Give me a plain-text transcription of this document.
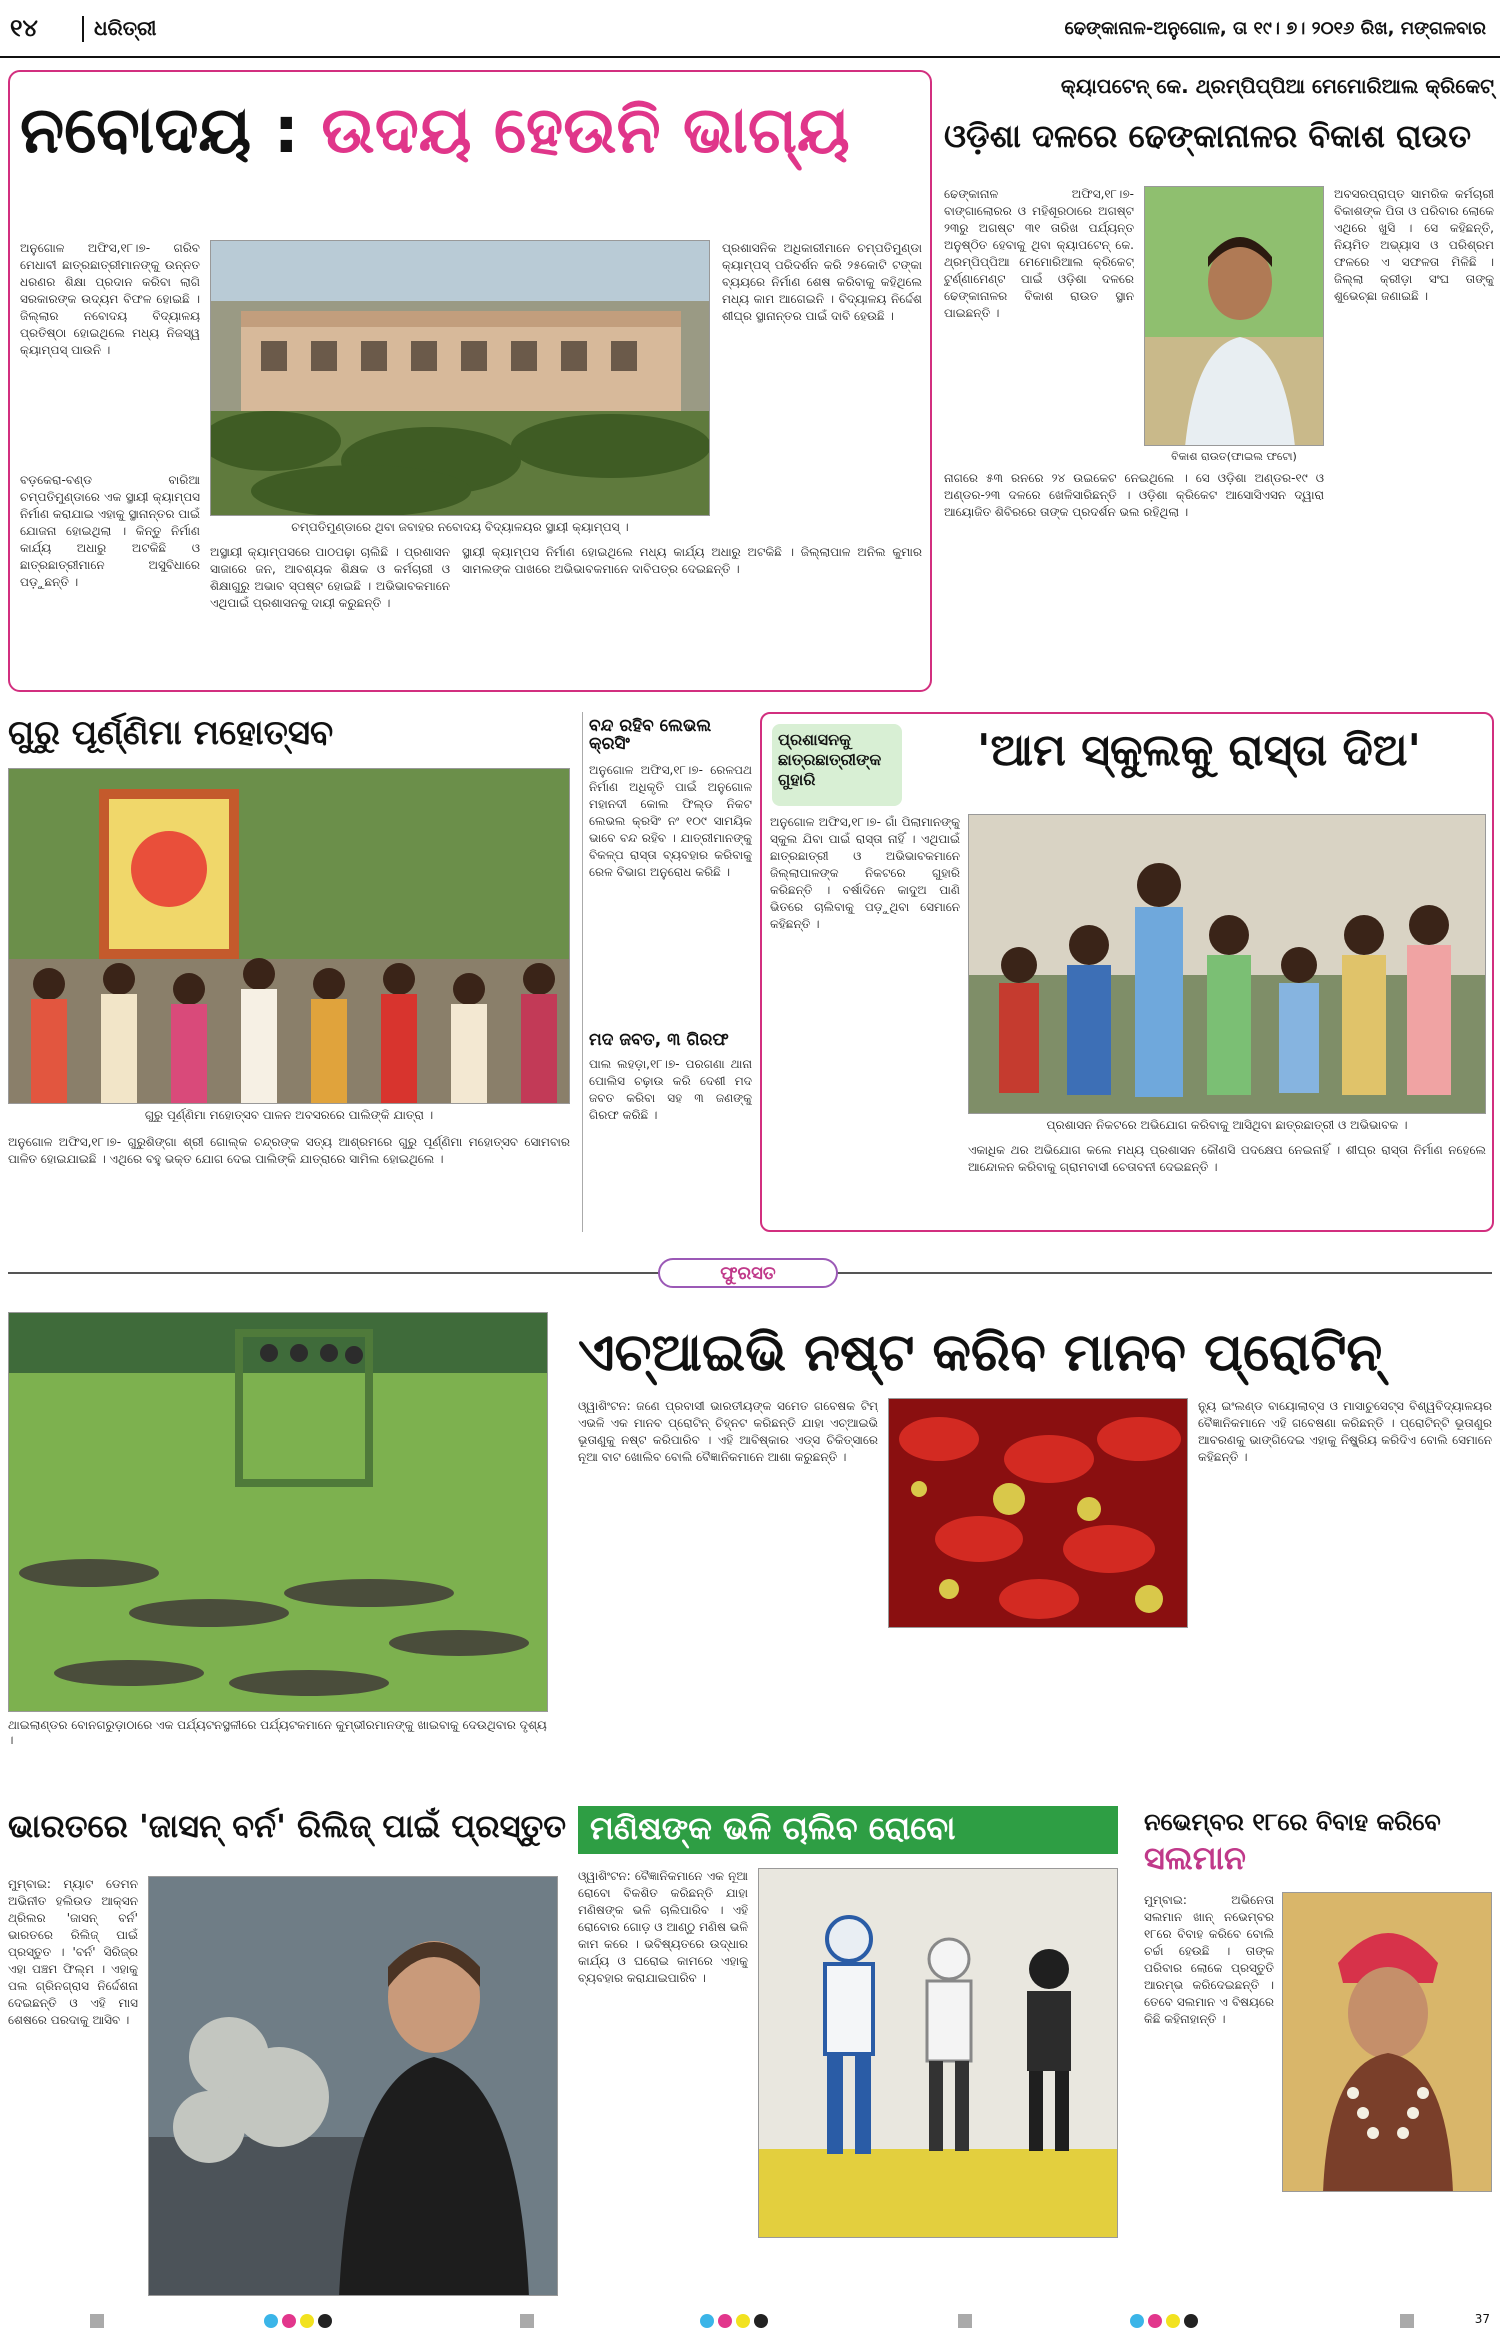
୧୪	ଧରିତ୍ରୀ	ଢେଙ୍କାନାଳ-ଅନୁଗୋଳ, ତା ୧୯। ୭। ୨୦୧୬ ରିଖ, ମଙ୍ଗଳବାର
ନବୋଦୟ : ଉଦୟ ହେଉନି ଭାଗ୍ୟ
ଅନୁଗୋଳ ଅଫିସ,୧୮।୭- ଗରିବ ମେଧାବୀ ଛାତ୍ରଛାତ୍ରୀମାନଙ୍କୁ ଉନ୍ନତ ଧରଣର ଶିକ୍ଷା ପ୍ରଦାନ କରିବା ଲାଗି ସରକାରଙ୍କ ଉଦ୍ୟମ ବିଫଳ ହୋଇଛି । ଜିଲ୍ଲାର ନବୋଦୟ ବିଦ୍ୟାଳୟ ପ୍ରତିଷ୍ଠା ହୋଇଥିଲେ ମଧ୍ୟ ନିଜସ୍ୱ କ୍ୟାମ୍ପସ୍ ପାଉନି ।
ଚମ୍ପତିମୁଣ୍ଡାରେ ଥିବା ଜବାହର ନବୋଦୟ ବିଦ୍ୟାଳୟର ସ୍ଥାୟୀ କ୍ୟାମ୍ପସ୍ ।
ବଡ଼କେରା-ବଣ୍ଡ ବାରିଆ ଚମ୍ପତିମୁଣ୍ଡାରେ ଏକ ସ୍ଥାୟୀ କ୍ୟାମ୍ପସ ନିର୍ମାଣ କରାଯାଇ ଏହାକୁ ସ୍ଥାନାନ୍ତର ପାଇଁ ଯୋଜନା ହୋଇଥିଲା । କିନ୍ତୁ ନିର୍ମାଣ କାର୍ଯ୍ୟ ଅଧାରୁ ଅଟକିଛି ଓ ଛାତ୍ରଛାତ୍ରୀମାନେ ଅସୁବିଧାରେ ପଡ଼ୁଛନ୍ତି ।
ଅସ୍ଥାୟୀ କ୍ୟାମ୍ପସରେ ପାଠପଢ଼ା ଚାଲିଛି । ପ୍ରଶାସନ ସାଜାରେ ଜନ, ଆବଶ୍ୟକ ଶିକ୍ଷକ ଓ କର୍ମଚାରୀ ଓ ଶିକ୍ଷାଗୁରୁ ଅଭାବ ସ୍ପଷ୍ଟ ହୋଇଛି । ଅଭିଭାବକମାନେ ଏଥିପାଇଁ ପ୍ରଶାସନକୁ ଦାୟୀ କରୁଛନ୍ତି ।
ପ୍ରଶାସନିକ ଅଧିକାରୀମାନେ ଚମ୍ପତିମୁଣ୍ଡା କ୍ୟାମ୍ପସ୍ ପରିଦର୍ଶନ କରି ୨୫କୋଟି ଟଙ୍କା ବ୍ୟୟରେ ନିର୍ମାଣ ଶେଷ କରିବାକୁ କହିଥିଲେ ମଧ୍ୟ କାମ ଆଗେଇନି । ବିଦ୍ୟାଳୟ ନିର୍ଦ୍ଦେଶ ଶୀଘ୍ର ସ୍ଥାନାନ୍ତର ପାଇଁ ଦାବି ହେଉଛି ।
ସ୍ଥାୟୀ କ୍ୟାମ୍ପସ ନିର୍ମାଣ ହୋଇଥିଲେ ମଧ୍ୟ କାର୍ଯ୍ୟ ଅଧାରୁ ଅଟକିଛି । ଜିଲ୍ଲାପାଳ ଅନିଲ କୁମାର ସାମଲଙ୍କ ପାଖରେ ଅଭିଭାବକମାନେ ଦାବିପତ୍ର ଦେଇଛନ୍ତି ।
କ୍ୟାପଟେନ୍ କେ. ଥ୍ରମ୍ପିପ୍ପିଆ ମେମୋରିଆଲ କ୍ରିକେଟ୍
ଓଡ଼ିଶା ଦଳରେ ଢେଙ୍କାନାଳର ବିକାଶ ରାଉତ
ଢେଙ୍କାନାଳ ଅଫିସ,୧୮।୭- ବାଙ୍ଗାଲୋରର ଓ ମହିଶୂରଠାରେ ଅଗଷ୍ଟ ୨୩ରୁ ଅଗଷ୍ଟ ୩୧ ତାରିଖ ପର୍ଯ୍ୟନ୍ତ ଅନୁଷ୍ଠିତ ହେବାକୁ ଥିବା କ୍ୟାପଟେନ୍ କେ. ଥ୍ରମ୍ପିପ୍ପିଆ ମେମୋରିଆଲ କ୍ରିକେଟ୍ ଟୁର୍ଣ୍ଣାମେଣ୍ଟ ପାଇଁ ଓଡ଼ିଶା ଦଳରେ ଢେଙ୍କାନାଳର ବିକାଶ ରାଉତ ସ୍ଥାନ ପାଇଛନ୍ତି ।
ବିକାଶ ରାଉତ(ଫାଇଲ ଫଟୋ)
ଅବସରପ୍ରାପ୍ତ ସାମରିକ କର୍ମଚାରୀ ବିକାଶଙ୍କ ପିତା ଓ ପରିବାର ଲୋକେ ଏଥିରେ ଖୁସି । ସେ କହିଛନ୍ତି, ନିୟମିତ ଅଭ୍ୟାସ ଓ ପରିଶ୍ରମ ଫଳରେ ଏ ସଫଳତା ମିଳିଛି । ଜିଲ୍ଲା କ୍ରୀଡ଼ା ସଂଘ ତାଙ୍କୁ ଶୁଭେଚ୍ଛା ଜଣାଇଛି ।
ନାଗରେ ୫୩ ରନରେ ୨୪ ଉଇକେଟ ନେଇଥିଲେ । ସେ ଓଡ଼ିଶା ଅଣ୍ଡର-୧୯ ଓ ଅଣ୍ଡର-୨୩ ଦଳରେ ଖେଳିସାରିଛନ୍ତି । ଓଡ଼ିଶା କ୍ରିକେଟ ଆସୋସିଏସନ ଦ୍ୱାରା ଆୟୋଜିତ ଶିବିରରେ ତାଙ୍କ ପ୍ରଦର୍ଶନ ଭଲ ରହିଥିଲା ।
ଗୁରୁ ପୂର୍ଣ୍ଣିମା ମହୋତ୍ସବ
ଗୁରୁ ପୂର୍ଣ୍ଣିମା ମହୋତ୍ସବ ପାଳନ ଅବସରରେ ପାଲିଙ୍କି ଯାତ୍ରା ।
ଅନୁଗୋଳ ଅଫିସ,୧୮।୭- ଗୁରୁଶିଙ୍ଗା ଶ୍ରୀ ଗୋଲ୍କ ଚନ୍ଦ୍ରଙ୍କ ସତ୍ୟ ଆଶ୍ରମରେ ଗୁରୁ ପୂର୍ଣ୍ଣିମା ମହୋତ୍ସବ ସୋମବାର ପାଳିତ ହୋଇଯାଇଛି । ଏଥିରେ ବହୁ ଭକ୍ତ ଯୋଗ ଦେଇ ପାଲିଙ୍କି ଯାତ୍ରାରେ ସାମିଲ ହୋଇଥିଲେ ।
ବନ୍ଦ ରହିବ ଲେଭଲ କ୍ରସିଂ
ଅନୁଗୋଳ ଅଫିସ,୧୮।୭- ରେଳପଥ ନିର୍ମାଣ ଅଧିକୃତି ପାଇଁ ଅନୁଗୋଳ ମହାନଦୀ କୋଲ ଫିଲ୍ଡ ନିକଟ ଲେଭଲ କ୍ରସିଂ ନଂ ୧୦୯ ସାମୟିକ ଭାବେ ବନ୍ଦ ରହିବ । ଯାତ୍ରୀମାନଙ୍କୁ ବିକଳ୍ପ ରାସ୍ତା ବ୍ୟବହାର କରିବାକୁ ରେଳ ବିଭାଗ ଅନୁରୋଧ କରିଛି ।
ମଦ ଜବତ, ୩ ଗିରଫ
ପାଲ ଲହଡ଼ା,୧୮।୭- ପରଗଣା ଥାନା ପୋଲିସ ଚଢ଼ାଉ କରି ଦେଶୀ ମଦ ଜବତ କରିବା ସହ ୩ ଜଣଙ୍କୁ ଗିରଫ କରିଛି ।
ପ୍ରଶାସନକୁ ଛାତ୍ରଛାତ୍ରୀଙ୍କ ଗୁହାରି
'ଆମ ସ୍କୁଲକୁ ରାସ୍ତା ଦିଅ'
ଅନୁଗୋଳ ଅଫିସ,୧୮।୭- ଗାଁ ପିଲାମାନଙ୍କୁ ସ୍କୁଲ ଯିବା ପାଇଁ ରାସ୍ତା ନାହିଁ । ଏଥିପାଇଁ ଛାତ୍ରଛାତ୍ରୀ ଓ ଅଭିଭାବକମାନେ ଜିଲ୍ଲାପାଳଙ୍କ ନିକଟରେ ଗୁହାରି କରିଛନ୍ତି । ବର୍ଷାଦିନେ କାଦୁଅ ପାଣି ଭିତରେ ଚାଲିବାକୁ ପଡ଼ୁଥିବା ସେମାନେ କହିଛନ୍ତି ।
ପ୍ରଶାସନ ନିକଟରେ ଅଭିଯୋଗ କରିବାକୁ ଆସିଥିବା ଛାତ୍ରଛାତ୍ରୀ ଓ ଅଭିଭାବକ ।
ଏକାଧିକ ଥର ଅଭିଯୋଗ କଲେ ମଧ୍ୟ ପ୍ରଶାସନ କୌଣସି ପଦକ୍ଷେପ ନେଇନାହିଁ । ଶୀଘ୍ର ରାସ୍ତା ନିର୍ମାଣ ନହେଲେ ଆନ୍ଦୋଳନ କରିବାକୁ ଗ୍ରାମବାସୀ ଚେତାବନୀ ଦେଇଛନ୍ତି ।
ଫୁରସତ
ଥାଇଲାଣ୍ଡର ବୋନଗରୁଡ଼ାଠାରେ ଏକ ପର୍ଯ୍ୟଟନସ୍ଥଳୀରେ ପର୍ଯ୍ୟଟକମାନେ କୁମ୍ଭୀରମାନଙ୍କୁ ଖାଇବାକୁ ଦେଉଥିବାର ଦୃଶ୍ୟ ।
ଏଚ୍‌ଆଇଭି ନଷ୍ଟ କରିବ ମାନବ ପ୍ରୋଟିନ୍
ଓ୍ୱାଶିଂଟନ: ଜଣେ ପ୍ରବାସୀ ଭାରତୀୟଙ୍କ ସମେତ ଗବେଷକ ଟିମ୍ ଏଭଳି ଏକ ମାନବ ପ୍ରୋଟିନ୍ ଚିହ୍ନଟ କରିଛନ୍ତି ଯାହା ଏଚ୍‌ଆଇଭି ଭୂତାଣୁକୁ ନଷ୍ଟ କରିପାରିବ । ଏହି ଆବିଷ୍କାର ଏଡ୍ସ ଚିକିତ୍ସାରେ ନୂଆ ବାଟ ଖୋଲିବ ବୋଲି ବୈଜ୍ଞାନିକମାନେ ଆଶା କରୁଛନ୍ତି ।
ନ୍ୟୁ ଇଂଲଣ୍ଡ ବାୟୋଲାବ୍ସ ଓ ମାସାଚୁସେଟ୍ସ ବିଶ୍ୱବିଦ୍ୟାଳୟର ବୈଜ୍ଞାନିକମାନେ ଏହି ଗବେଷଣା କରିଛନ୍ତି । ପ୍ରୋଟିନ୍ଟି ଭୂତାଣୁର ଆବରଣକୁ ଭାଙ୍ଗିଦେଇ ଏହାକୁ ନିଷ୍କ୍ରିୟ କରିଦିଏ ବୋଲି ସେମାନେ କହିଛନ୍ତି ।
ଭାରତରେ 'ଜାସନ୍ ବର୍ନ' ରିଲିଜ୍ ପାଇଁ ପ୍ରସ୍ତୁତ
ମୁମ୍ବାଇ: ମ୍ୟାଟ ଡେମନ ଅଭିନୀତ ହଲିଉଡ ଆକ୍ସନ ଥ୍ରିଲର 'ଜାସନ୍ ବର୍ନ' ଭାରତରେ ରିଲିଜ୍ ପାଇଁ ପ୍ରସ୍ତୁତ । 'ବର୍ନ' ସିରିଜ୍‌ର ଏହା ପଞ୍ଚମ ଫିଲ୍ମ । ଏହାକୁ ପଲ ଗ୍ରିନଗ୍ରାସ ନିର୍ଦ୍ଦେଶନା ଦେଇଛନ୍ତି ଓ ଏହି ମାସ ଶେଷରେ ପରଦାକୁ ଆସିବ ।
ମଣିଷଙ୍କ ଭଳି ଚାଲିବ ରୋବୋ
ଓ୍ୱାଶିଂଟନ: ବୈଜ୍ଞାନିକମାନେ ଏକ ନୂଆ ରୋବୋ ବିକଶିତ କରିଛନ୍ତି ଯାହା ମଣିଷଙ୍କ ଭଳି ଚାଲିପାରିବ । ଏହି ରୋବୋର ଗୋଡ଼ ଓ ଆଣ୍ଠୁ ମଣିଷ ଭଳି କାମ କରେ । ଭବିଷ୍ୟତରେ ଉଦ୍ଧାର କାର୍ଯ୍ୟ ଓ ଘରୋଇ କାମରେ ଏହାକୁ ବ୍ୟବହାର କରାଯାଇପାରିବ ।
ନଭେମ୍ବର ୧୮ରେ ବିବାହ କରିବେ
ସଲମାନ
ମୁମ୍ବାଇ: ଅଭିନେତା ସଲମାନ ଖାନ୍ ନଭେମ୍ବର ୧୮ରେ ବିବାହ କରିବେ ବୋଲି ଚର୍ଚ୍ଚା ହେଉଛି । ତାଙ୍କ ପରିବାର ଲୋକେ ପ୍ରସ୍ତୁତି ଆରମ୍ଭ କରିଦେଇଛନ୍ତି । ତେବେ ସଲମାନ ଏ ବିଷୟରେ କିଛି କହିନାହାନ୍ତି ।
37
